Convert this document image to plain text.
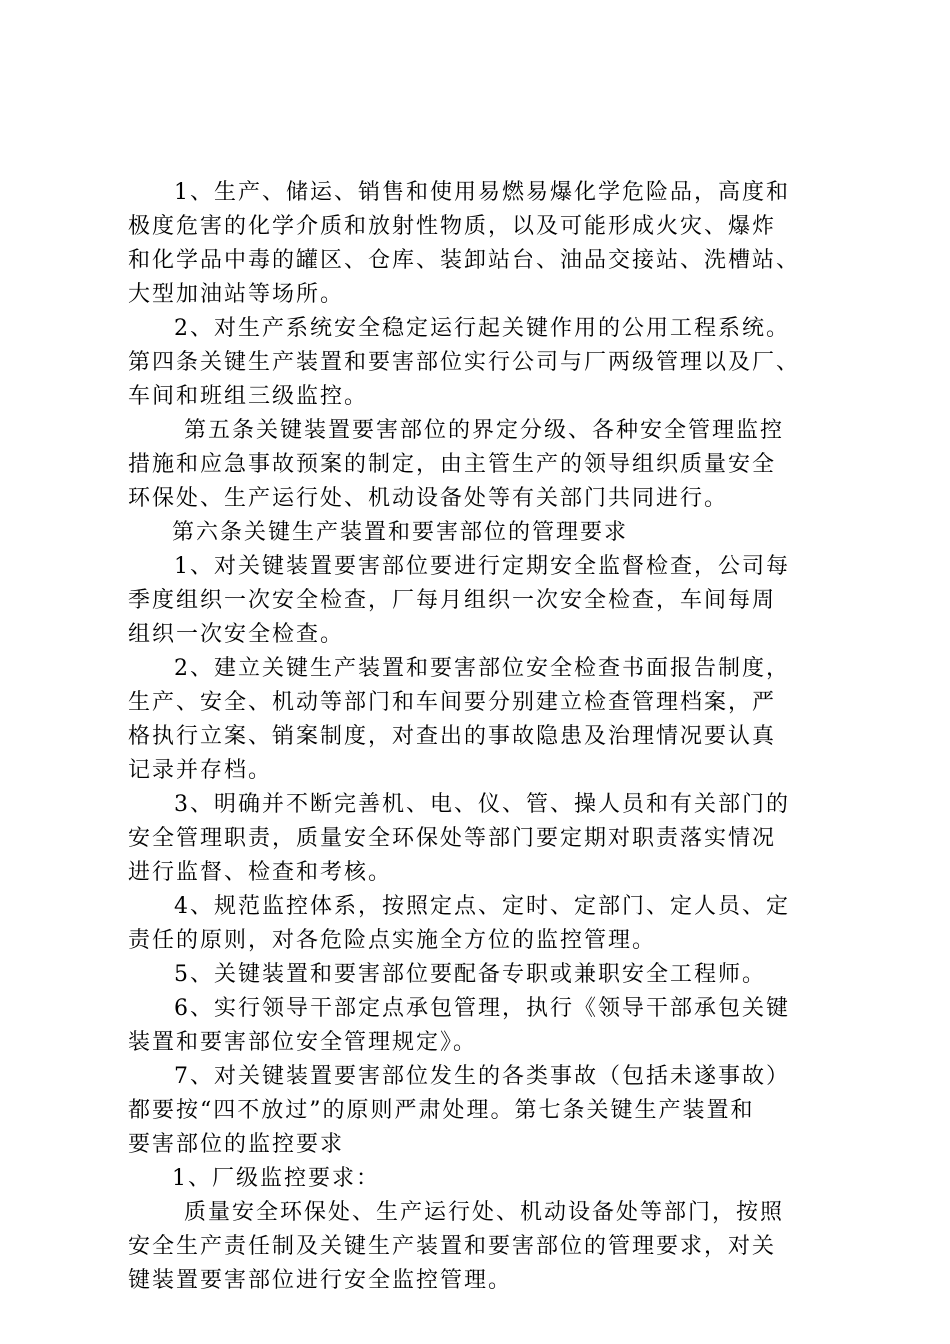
1、生产、储运、销售和使用易燃易爆化学危险品，高度和
极度危害的化学介质和放射性物质，以及可能形成火灾、爆炸
和化学品中毒的罐区、仓库、装卸站台、油品交接站、洗槽站、
大型加油站等场所。
2、对生产系统安全稳定运行起关键作用的公用工程系统。
第四条关键生产装置和要害部位实行公司与厂两级管理以及厂、
车间和班组三级监控。
第五条关键装置要害部位的界定分级、各种安全管理监控
措施和应急事故预案的制定，由主管生产的领导组织质量安全
环保处、生产运行处、机动设备处等有关部门共同进行。
第六条关键生产装置和要害部位的管理要求
1、对关键装置要害部位要进行定期安全监督检查，公司每
季度组织一次安全检查，厂每月组织一次安全检查，车间每周
组织一次安全检查。
2、建立关键生产装置和要害部位安全检查书面报告制度，
生产、安全、机动等部门和车间要分别建立检查管理档案，严
格执行立案、销案制度，对查出的事故隐患及治理情况要认真
记录并存档。
3、明确并不断完善机、电、仪、管、操人员和有关部门的
安全管理职责，质量安全环保处等部门要定期对职责落实情况
进行监督、检查和考核。
4、规范监控体系，按照定点、定时、定部门、定人员、定
责任的原则，对各危险点实施全方位的监控管理。
5、关键装置和要害部位要配备专职或兼职安全工程师。
6、实行领导干部定点承包管理，执行《领导干部承包关键
装置和要害部位安全管理规定》。
7、对关键装置要害部位发生的各类事故（包括未遂事故）
都要按“四不放过”的原则严肃处理。第七条关键生产装置和
要害部位的监控要求
1、厂级监控要求：
质量安全环保处、生产运行处、机动设备处等部门，按照
安全生产责任制及关键生产装置和要害部位的管理要求，对关
键装置要害部位进行安全监控管理。
